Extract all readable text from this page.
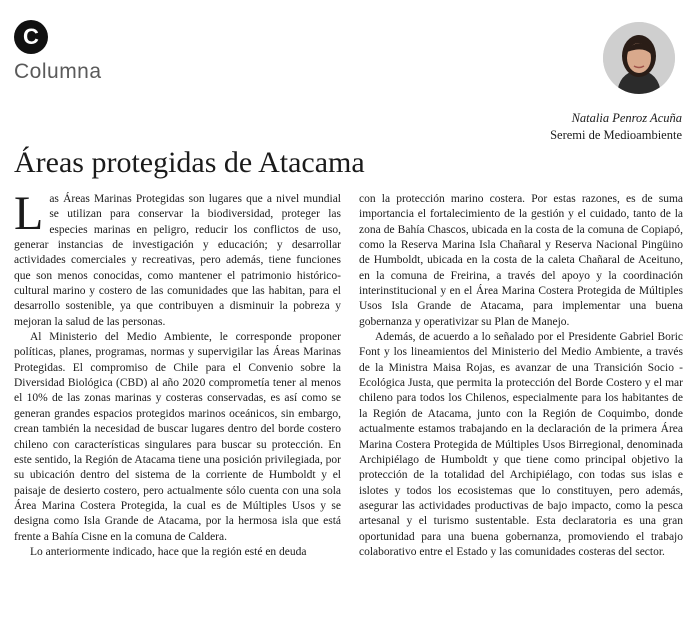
C
Columna
Natalia Penroz Acuña
Seremi de Medioambiente
Áreas protegidas de Atacama

Las Áreas Marinas Protegidas son lugares que a nivel mundial se utilizan para conservar la biodiversidad, proteger las especies marinas en peligro, reducir los conflictos de uso, generar instancias de investigación y educación; y desarrollar actividades comerciales y recreativas, pero además, tiene funciones que son menos conocidas, como mantener el patrimonio histórico-cultural marino y costero de las comunidades que las habitan, para el desarrollo sostenible, ya que contribuyen a disminuir la pobreza y mejoran la salud de las personas.

Al Ministerio del Medio Ambiente, le corresponde proponer políticas, planes, programas, normas y supervigilar las Áreas Marinas Protegidas. El compromiso de Chile para el Convenio sobre la Diversidad Biológica (CBD) al año 2020 comprometía tener al menos el 10% de las zonas marinas y costeras conservadas, es así como se generan grandes espacios protegidos marinos oceánicos, sin embargo, crean también la necesidad de buscar lugares dentro del borde costero chileno con características singulares para buscar su protección. En este sentido, la Región de Atacama tiene una posición privilegiada, por su ubicación dentro del sistema de la corriente de Humboldt y el paisaje de desierto costero, pero actualmente sólo cuenta con una sola Área Marina Costera Protegida, la cual es de Múltiples Usos y se designa como Isla Grande de Atacama, por la hermosa isla que está frente a Bahía Cisne en la comuna de Caldera.

Lo anteriormente indicado, hace que la región esté en deuda

con la protección marino costera. Por estas razones, es de suma importancia el fortalecimiento de la gestión y el cuidado, tanto de la zona de Bahía Chascos, ubicada en la costa de la comuna de Copiapó, como la Reserva Marina Isla Chañaral y Reserva Nacional Pingüino de Humboldt, ubicada en la costa de la caleta Chañaral de Aceituno, en la comuna de Freirina, a través del apoyo y la coordinación interinstitucional y en el Área Marina Costera Protegida de Múltiples Usos Isla Grande de Atacama, para implementar una buena gobernanza y operativizar su Plan de Manejo.

Además, de acuerdo a lo señalado por el Presidente Gabriel Boric Font y los lineamientos del Ministerio del Medio Ambiente, a través de la Ministra Maisa Rojas, es avanzar de una Transición Socio - Ecológica Justa, que permita la protección del Borde Costero y el mar chileno para todos los Chilenos, especialmente para los habitantes de la Región de Atacama, junto con la Región de Coquimbo, donde actualmente estamos trabajando en la declaración de la primera Área Marina Costera Protegida de Múltiples Usos Birregional, denominada Archipiélago de Humboldt y que tiene como principal objetivo la protección de la totalidad del Archipiélago, con todas sus islas e islotes y todos los ecosistemas que lo constituyen, pero además, asegurar las actividades productivas de bajo impacto, como la pesca artesanal y el turismo sustentable. Esta declaratoria es una gran oportunidad para una buena gobernanza, promoviendo el trabajo colaborativo entre el Estado y las comunidades costeras del sector.
